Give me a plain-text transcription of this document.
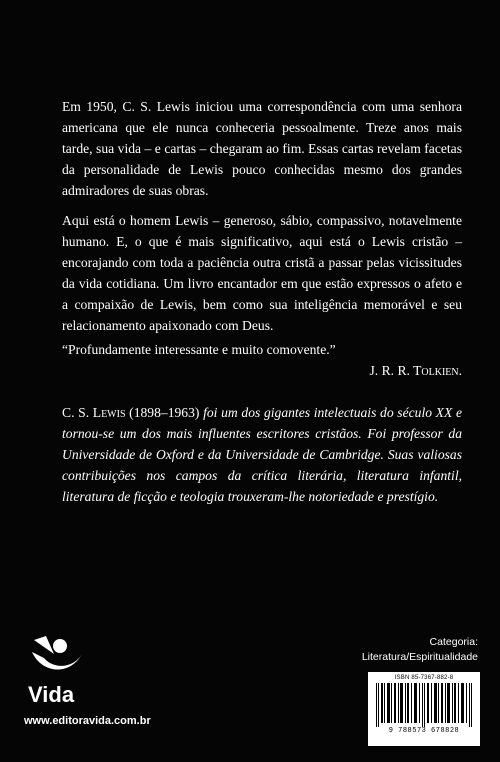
Em 1950, C. S. Lewis iniciou uma correspondência com uma senhora americana que ele nunca conheceria pessoalmente. Treze anos mais tarde, sua vida – e cartas – chegaram ao fim. Essas cartas revelam facetas da personalidade de Lewis pouco conhecidas mesmo dos grandes admiradores de suas obras.

Aqui está o homem Lewis – generoso, sábio, compassivo, notavelmente humano. E, o que é mais significativo, aqui está o Lewis cristão – encorajando com toda a paciência outra cristã a passar pelas vicissitudes da vida cotidiana. Um livro encantador em que estão expressos o afeto e a compaixão de Lewis, bem como sua inteligência memorável e seu relacionamento apaixonado com Deus.

“Profundamente interessante e muito comovente.”

J. R. R. Tolkien.

C. S. Lewis (1898–1963) foi um dos gigantes intelectuais do século XX e tornou-se um dos mais influentes escritores cristãos. Foi professor da Universidade de Oxford e da Universidade de Cambridge. Suas valiosas contribuições nos campos da crítica literária, literatura infantil, literatura de ficção e teologia trouxeram-lhe notoriedade e prestígio.

Vida
www.editoravida.com.br
Categoria:
Literatura/Espiritualidade
ISBN 85-7367-882-8
9 788573 678828
